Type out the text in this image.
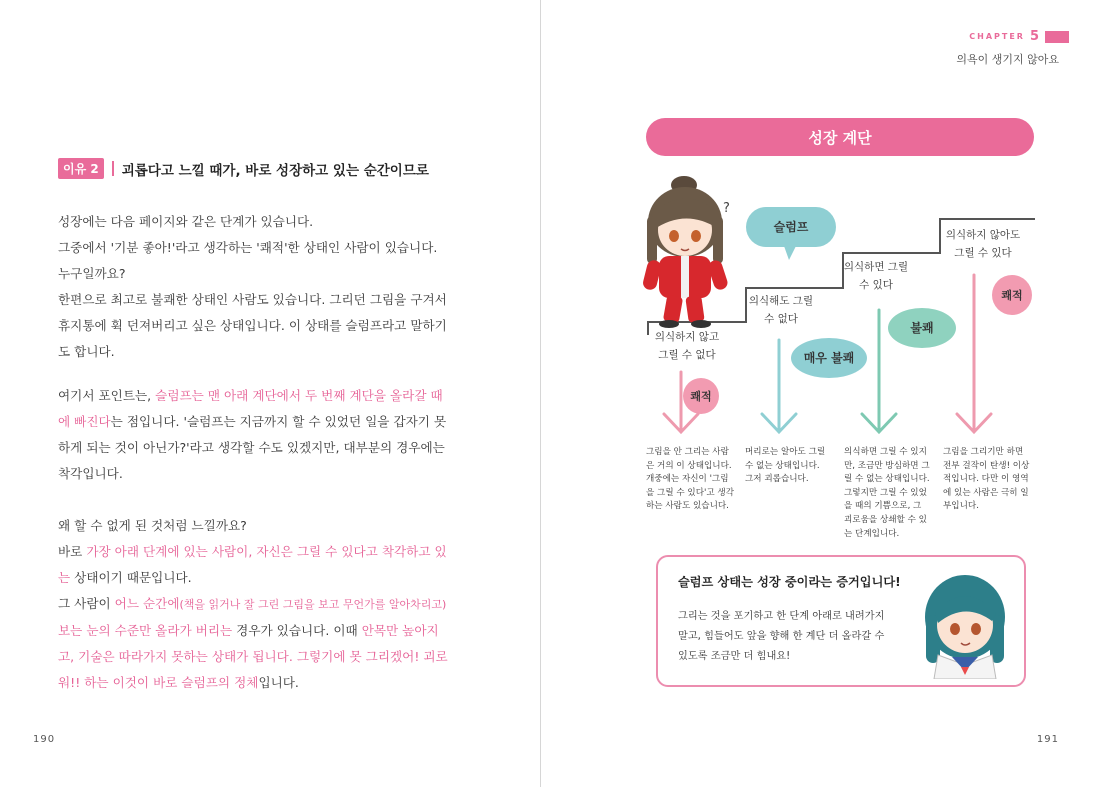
이유 2	괴롭다고 느낄 때가, 바로 성장하고 있는 순간이므로
성장에는 다음 페이지와 같은 단계가 있습니다.
그중에서 '기분 좋아!'라고 생각하는 '쾌적'한 상태인 사람이 있습니다.
누구일까요?
한편으로 최고로 불쾌한 상태인 사람도 있습니다. 그리던 그림을 구겨서
휴지통에 휙 던져버리고 싶은 상태입니다. 이 상태를 슬럼프라고 말하기
도 합니다.
여기서 포인트는, 슬럼프는 맨 아래 계단에서 두 번째 계단을 올라갈 때
에 빠진다는 점입니다. '슬럼프는 지금까지 할 수 있었던 일을 갑자기 못
하게 되는 것이 아닌가?'라고 생각할 수도 있겠지만, 대부분의 경우에는
착각입니다.
왜 할 수 없게 된 것처럼 느낄까요?
바로 가장 아래 단계에 있는 사람이, 자신은 그릴 수 있다고 착각하고 있
는 상태이기 때문입니다.
그 사람이 어느 순간에(책을 읽거나 잘 그린 그림을 보고 무언가를 알아차리고)
보는 눈의 수준만 올라가 버리는 경우가 있습니다. 이때 안목만 높아지
고, 기술은 따라가지 못하는 상태가 됩니다. 그렇기에 못 그리겠어! 괴로
워!! 하는 이것이 바로 슬럼프의 정체입니다.
190
CHAPTER 5
의욕이 생기지 않아요
성장 계단
?
의식하지 않고
그릴 수 없다
의식해도 그릴
수 없다
의식하면 그릴
수 있다
의식하지 않아도
그릴 수 있다
슬럼프
매우 불쾌
불쾌
쾌적
쾌적
그림을 안 그리는 사람
은 거의 이 상태입니다.
개중에는 자신이 '그림
을 그릴 수 있다'고 생각
하는 사람도 있습니다.
머리로는 알아도 그릴
수 없는 상태입니다.
그저 괴롭습니다.
의식하면 그릴 수 있지
만, 조금만 방심하면 그
릴 수 없는 상태입니다.
그렇지만 그릴 수 있었
을 때의 기쁨으로, 그
괴로움을 상쇄할 수 있
는 단계입니다.
그림을 그리기만 하면
전부 걸작이 탄생! 이상
적입니다. 다만 이 영역
에 있는 사람은 극히 일
부입니다.
슬럼프 상태는 성장 중이라는 증거입니다!
그리는 것을 포기하고 한 단계 아래로 내려가지
말고, 힘들어도 앞을 향해 한 계단 더 올라갈 수
있도록 조금만 더 힘내요!
191
